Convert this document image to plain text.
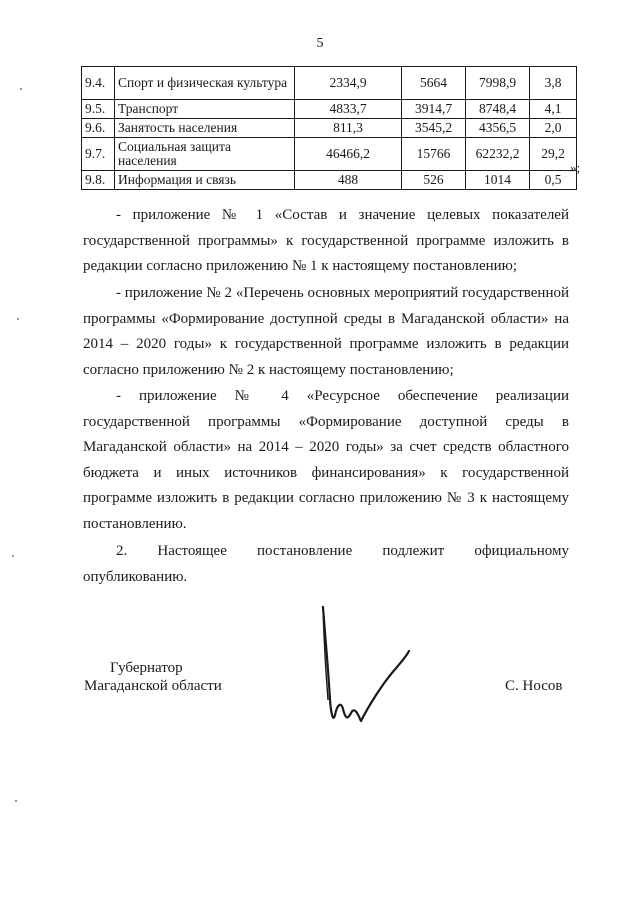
5
9.4.	Спорт и физическая культура	2334,9	5664	7998,9	3,8
9.5.	Транспорт	4833,7	3914,7	8748,4	4,1
9.6.	Занятость населения	811,3	3545,2	4356,5	2,0
9.7.	Социальная защита населения	46466,2	15766	62232,2	29,2
9.8.	Информация и связь	488	526	1014	0,5
»;
- приложение № 1 «Состав и значение целевых показателей государственной программы» к государственной программе изложить в редакции согласно приложению № 1 к настоящему постановлению;
- приложение № 2 «Перечень основных мероприятий государственной программы «Формирование доступной среды в Магаданской области» на 2014 – 2020 годы» к государственной программе изложить в редакции согласно приложению № 2 к настоящему постановлению;
- приложение № 4 «Ресурсное обеспечение реализации государственной программы «Формирование доступной среды в Магаданской области» на 2014 – 2020 годы» за счет средств областного бюджета и иных источников финансирования» к государственной программе изложить в редакции согласно приложению № 3 к настоящему постановлению.
2. Настоящее постановление подлежит официальному опубликованию.
Губернатор
Магаданской области	С. Носов
